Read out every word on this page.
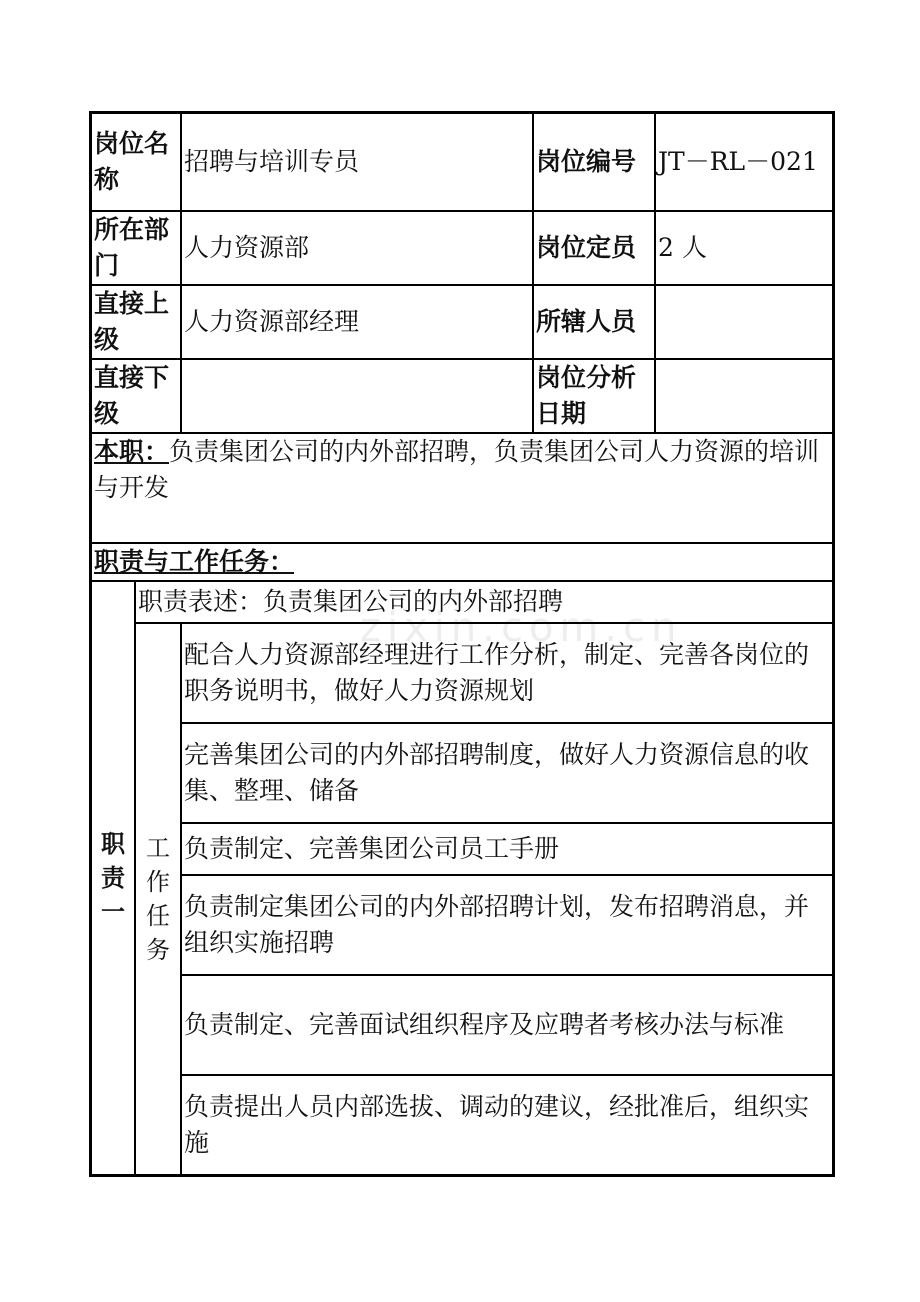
zixin.com.cn
岗位名称		招聘与培训专员	岗位编号	JT－RL－021
所在部门		人力资源部	岗位定员	2 人
直接上级		人力资源部经理	所辖人员	
直接下级			岗位分析日期	
本职：负责集团公司的内外部招聘，负责集团公司人力资源的培训与开发				
职责与工作任务：				
职责一	职责表述：负责集团公司的内外部招聘			
	工作任务	配合人力资源部经理进行工作分析，制定、完善各岗位的职务说明书，做好人力资源规划		
		完善集团公司的内外部招聘制度，做好人力资源信息的收集、整理、储备		
		负责制定、完善集团公司员工手册		
		负责制定集团公司的内外部招聘计划，发布招聘消息，并组织实施招聘		
		负责制定、完善面试组织程序及应聘者考核办法与标准		
		负责提出人员内部选拔、调动的建议，经批准后，组织实施		
